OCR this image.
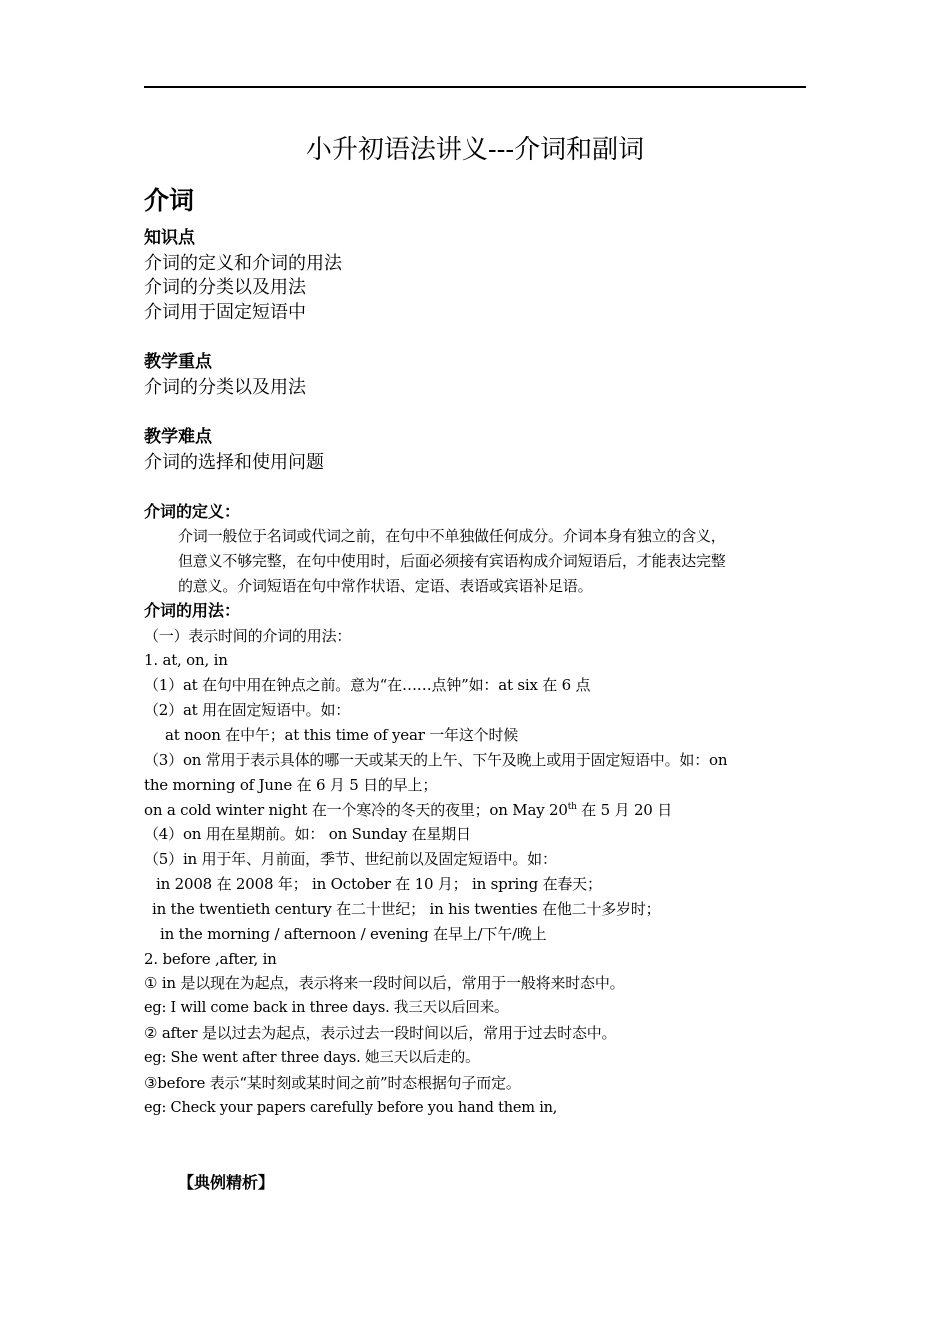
小升初语法讲义---介词和副词
介词
知识点
介词的定义和介词的用法
介词的分类以及用法
介词用于固定短语中
教学重点
介词的分类以及用法
教学难点
介词的选择和使用问题
介词的定义：
介词一般位于名词或代词之前，在句中不单独做任何成分。介词本身有独立的含义，
但意义不够完整，在句中使用时，后面必须接有宾语构成介词短语后，才能表达完整
的意义。介词短语在句中常作状语、定语、表语或宾语补足语。
介词的用法：
（一）表示时间的介词的用法：
1. at, on, in
（1）at 在句中用在钟点之前。意为“在……点钟”如：at six 在 6 点
（2）at 用在固定短语中。如：
at noon 在中午；at this time of year 一年这个时候
（3）on 常用于表示具体的哪一天或某天的上午、下午及晚上或用于固定短语中。如：on
the morning of June 在 6 月 5 日的早上；
on a cold winter night 在一个寒冷的冬天的夜里；on May 20th 在 5 月 20 日
（4）on 用在星期前。如： on Sunday 在星期日
（5）in 用于年、月前面，季节、世纪前以及固定短语中。如：
in 2008 在 2008 年； in October 在 10 月； in spring 在春天；
in the twentieth century 在二十世纪； in his twenties 在他二十多岁时；
in the morning / afternoon / evening 在早上/下午/晚上
2. before ,after, in
① in 是以现在为起点，表示将来一段时间以后，常用于一般将来时态中。
eg: I will come back in three days. 我三天以后回来。
② after 是以过去为起点，表示过去一段时间以后，常用于过去时态中。
eg: She went after three days. 她三天以后走的。
③before 表示“某时刻或某时间之前”时态根据句子而定。
eg: Check your papers carefully before you hand them in,
【典例精析】
